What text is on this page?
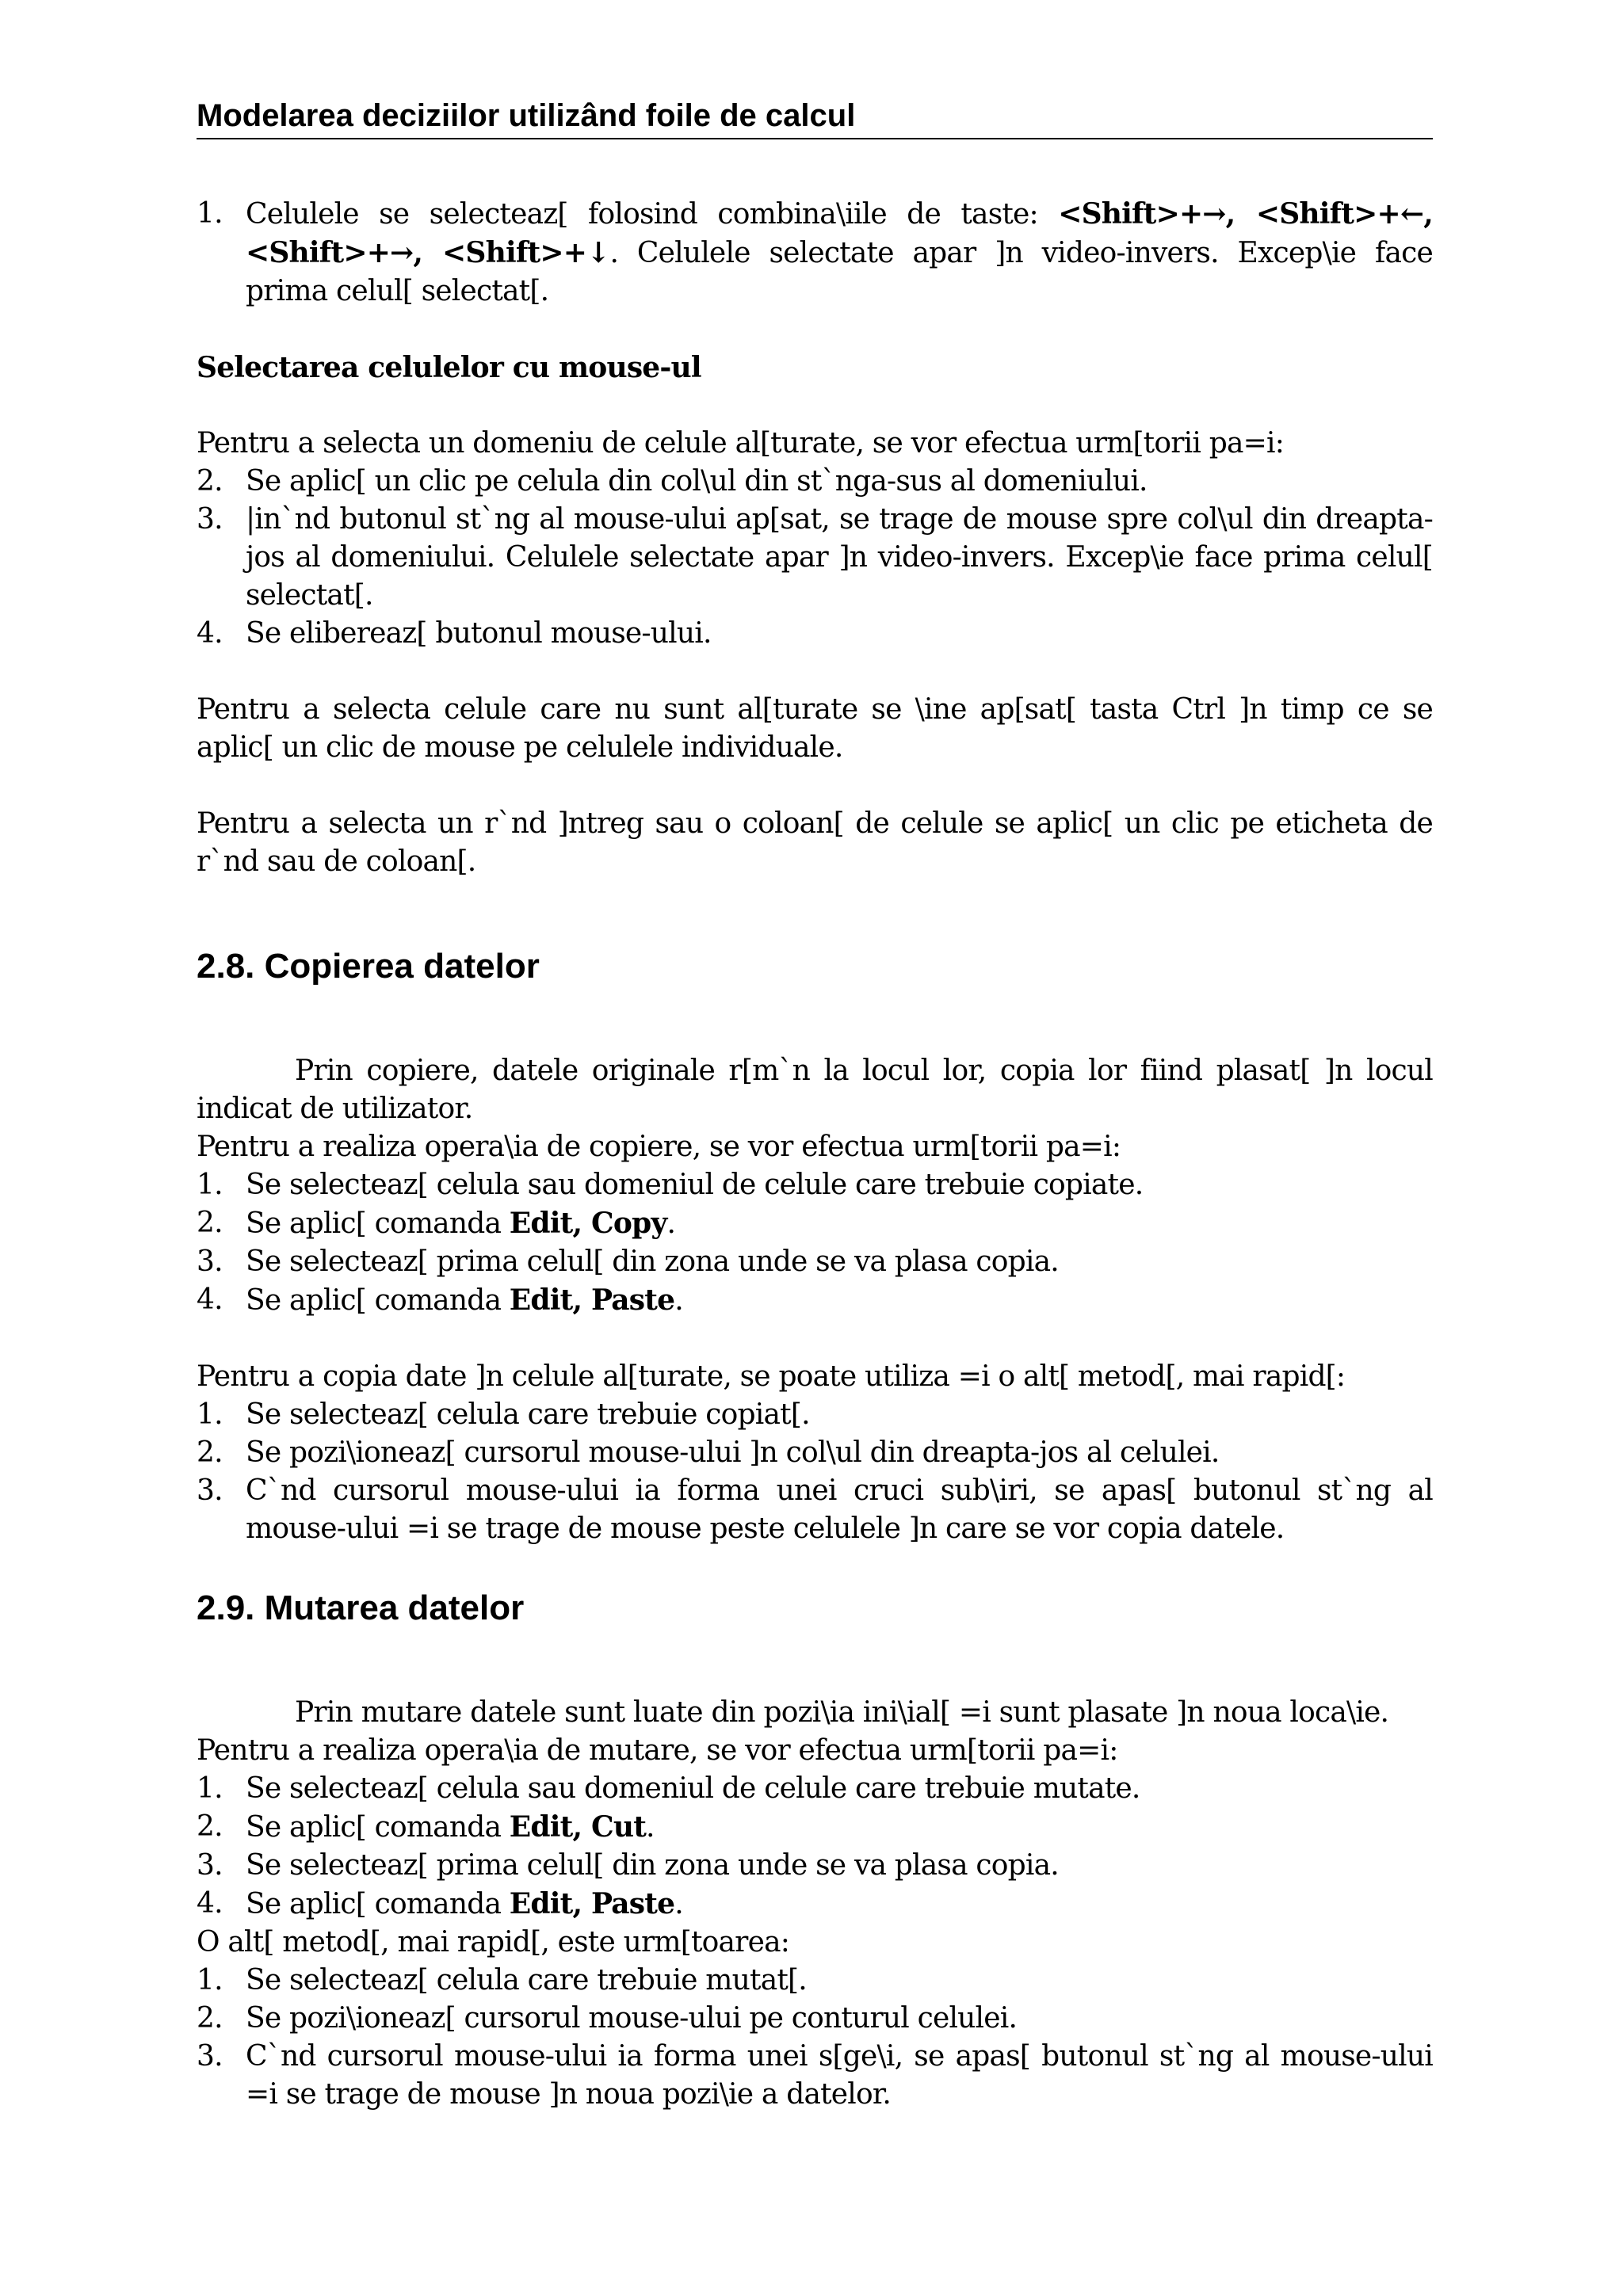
Modelarea deciziilor utilizând foile de calcul
1. Celulele se selecteaz[ folosind combina\iile de taste: <Shift>+→, <Shift>+←, <Shift>+→, <Shift>+↓. Celulele selectate apar ]n video-invers. Excep\ie face prima celul[ selectat[.

Selectarea celulelor cu mouse-ul

Pentru a selecta un domeniu de celule al[turate, se vor efectua urm[torii pa=i:

2. Se aplic[ un clic pe celula din col\ul din st`nga-sus al domeniului.
3. |in`nd butonul st`ng al mouse-ului ap[sat, se trage de mouse spre col\ul din dreapta-jos al domeniului. Celulele selectate apar ]n video-invers. Excep\ie face prima celul[ selectat[.
4. Se elibereaz[ butonul mouse-ului.

Pentru a selecta celule care nu sunt al[turate se \ine ap[sat[ tasta Ctrl ]n timp ce se aplic[ un clic de mouse pe celulele individuale.

Pentru a selecta un r`nd ]ntreg sau o coloan[ de celule se aplic[ un clic pe eticheta de r`nd sau de coloan[.

2.8. Copierea datelor

Prin copiere, datele originale r[m`n la locul lor, copia lor fiind plasat[ ]n locul indicat de utilizator.

Pentru a realiza opera\ia de copiere, se vor efectua urm[torii pa=i:

1. Se selecteaz[ celula sau domeniul de celule care trebuie copiate.
2. Se aplic[ comanda Edit, Copy.
3. Se selecteaz[ prima celul[ din zona unde se va plasa copia.
4. Se aplic[ comanda Edit, Paste.

Pentru a copia date ]n celule al[turate, se poate utiliza =i o alt[ metod[, mai rapid[:

1. Se selecteaz[ celula care trebuie copiat[.
2. Se pozi\ioneaz[ cursorul mouse-ului ]n col\ul din dreapta-jos al celulei.
3. C`nd cursorul mouse-ului ia forma unei cruci sub\iri, se apas[ butonul st`ng al mouse-ului =i se trage de mouse peste celulele ]n care se vor copia datele.
2.9. Mutarea datelor

Prin mutare datele sunt luate din pozi\ia ini\ial[ =i sunt plasate ]n noua loca\ie.

Pentru a realiza opera\ia de mutare, se vor efectua urm[torii pa=i:

1. Se selecteaz[ celula sau domeniul de celule care trebuie mutate.
2. Se aplic[ comanda Edit, Cut.
3. Se selecteaz[ prima celul[ din zona unde se va plasa copia.
4. Se aplic[ comanda Edit, Paste.

O alt[ metod[, mai rapid[, este urm[toarea:

1. Se selecteaz[ celula care trebuie mutat[.
2. Se pozi\ioneaz[ cursorul mouse-ului pe conturul celulei.
3. C`nd cursorul mouse-ului ia forma unei s[ge\i, se apas[ butonul st`ng al mouse-ului =i se trage de mouse ]n noua pozi\ie a datelor.
